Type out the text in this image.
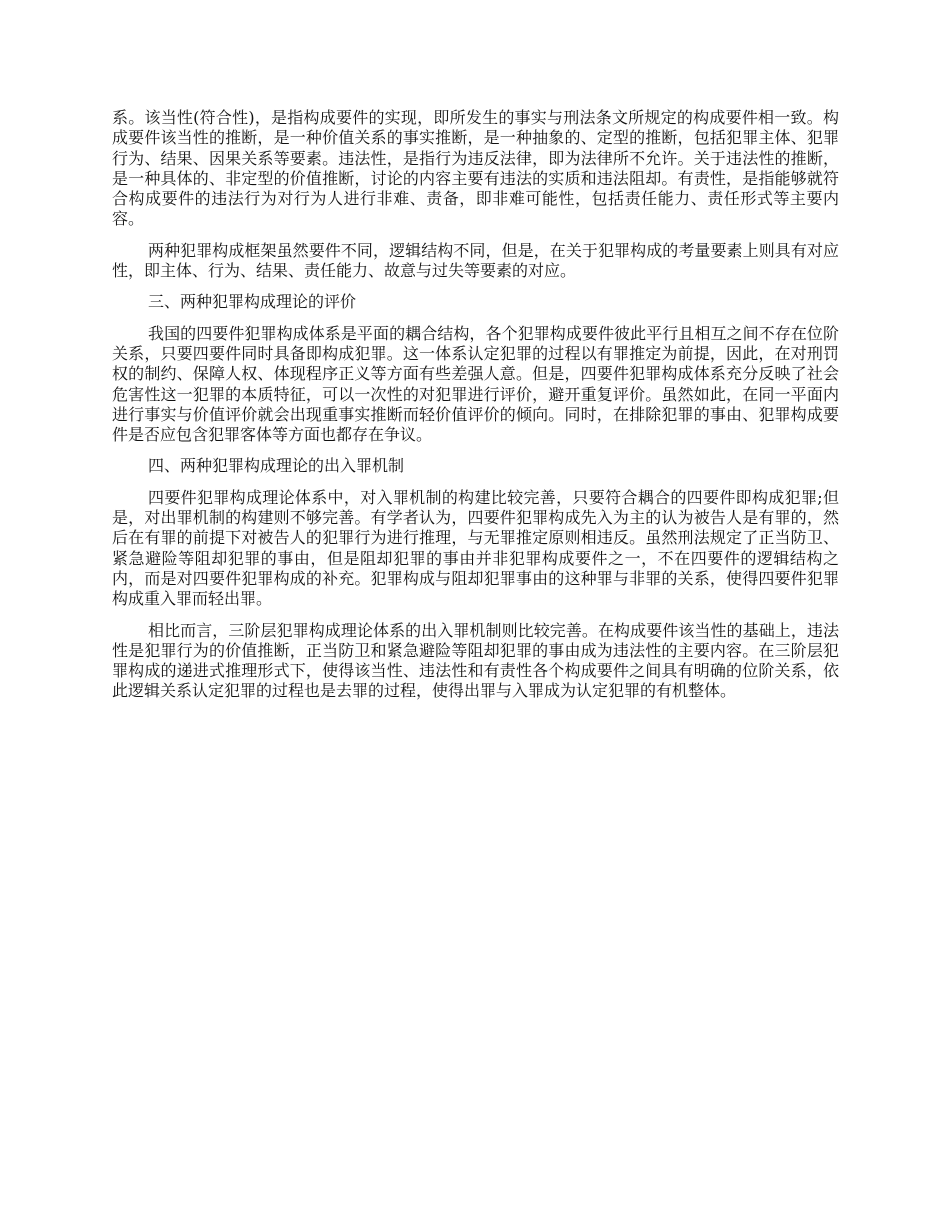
系。该当性(符合性)，是指构成要件的实现，即所发生的事实与刑法条文所规定的构成要件相一致。构成要件该当性的推断，是一种价值关系的事实推断，是一种抽象的、定型的推断，包括犯罪主体、犯罪行为、结果、因果关系等要素。违法性，是指行为违反法律，即为法律所不允许。关于违法性的推断，是一种具体的、非定型的价值推断，讨论的内容主要有违法的实质和违法阻却。有责性，是指能够就符合构成要件的违法行为对行为人进行非难、责备，即非难可能性，包括责任能力、责任形式等主要内容。

两种犯罪构成框架虽然要件不同，逻辑结构不同，但是，在关于犯罪构成的考量要素上则具有对应性，即主体、行为、结果、责任能力、故意与过失等要素的对应。

三、两种犯罪构成理论的评价

我国的四要件犯罪构成体系是平面的耦合结构，各个犯罪构成要件彼此平行且相互之间不存在位阶关系，只要四要件同时具备即构成犯罪。这一体系认定犯罪的过程以有罪推定为前提，因此，在对刑罚权的制约、保障人权、体现程序正义等方面有些差强人意。但是，四要件犯罪构成体系充分反映了社会危害性这一犯罪的本质特征，可以一次性的对犯罪进行评价，避开重复评价。虽然如此，在同一平面内进行事实与价值评价就会出现重事实推断而轻价值评价的倾向。同时，在排除犯罪的事由、犯罪构成要件是否应包含犯罪客体等方面也都存在争议。

四、两种犯罪构成理论的出入罪机制

四要件犯罪构成理论体系中，对入罪机制的构建比较完善，只要符合耦合的四要件即构成犯罪;但是，对出罪机制的构建则不够完善。有学者认为，四要件犯罪构成先入为主的认为被告人是有罪的，然后在有罪的前提下对被告人的犯罪行为进行推理，与无罪推定原则相违反。虽然刑法规定了正当防卫、紧急避险等阻却犯罪的事由，但是阻却犯罪的事由并非犯罪构成要件之一，不在四要件的逻辑结构之内，而是对四要件犯罪构成的补充。犯罪构成与阻却犯罪事由的这种罪与非罪的关系，使得四要件犯罪构成重入罪而轻出罪。

相比而言，三阶层犯罪构成理论体系的出入罪机制则比较完善。在构成要件该当性的基础上，违法性是犯罪行为的价值推断，正当防卫和紧急避险等阻却犯罪的事由成为违法性的主要内容。在三阶层犯罪构成的递进式推理形式下，使得该当性、违法性和有责性各个构成要件之间具有明确的位阶关系，依此逻辑关系认定犯罪的过程也是去罪的过程，使得出罪与入罪成为认定犯罪的有机整体。
